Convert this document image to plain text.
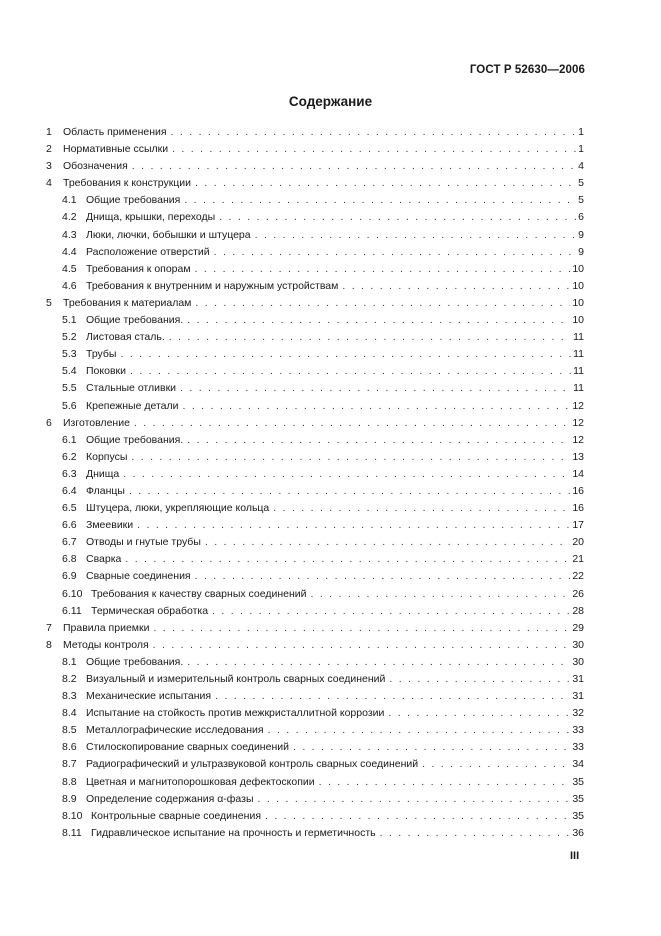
ГОСТ Р 52630—2006
Содержание
1	Область применения . . .	1
2	Нормативные ссылки . . .	1
3	Обозначения . . .	4
4	Требования к конструкции . . .	5
4.1 Общие требования . . .	5
4.2 Днища, крышки, переходы . . .	6
4.3 Люки, лючки, бобышки и штуцера . . .	9
4.4 Расположение отверстий . . .	9
4.5 Требования к опорам . . .	10
4.6 Требования к внутренним и наружным устройствам . . .	10
5	Требования к материалам . . .	10
5.1 Общие требования. . . .	10
5.2 Листовая сталь. . . .	11
5.3 Трубы . . .	11
5.4 Поковки . . .	11
5.5 Стальные отливки . . .	11
5.6 Крепежные детали . . .	12
6	Изготовление . . .	12
6.1 Общие требования. . . .	12
6.2 Корпусы . . .	13
6.3 Днища . . .	14
6.4 Фланцы . . .	16
6.5 Штуцера, люки, укрепляющие кольца . . .	16
6.6 Змеевики . . .	17
6.7 Отводы и гнутые трубы . . .	20
6.8 Сварка . . .	21
6.9 Сварные соединения . . .	22
6.10 Требования к качеству сварных соединений . . .	26
6.11 Термическая обработка . . .	28
7	Правила приемки . . .	29
8	Методы контроля . . .	30
8.1 Общие требования. . . .	30
8.2 Визуальный и измерительный контроль сварных соединений . . .	31
8.3 Механические испытания . . .	31
8.4 Испытание на стойкость против межкристаллитной коррозии . . .	32
8.5 Металлографические исследования . . .	33
8.6 Стилоскопирование сварных соединений . . .	33
8.7 Радиографический и ультразвуковой контроль сварных соединений . . .	34
8.8 Цветная и магнитопорошковая дефектоскопии . . .	35
8.9 Определение содержания α-фазы . . .	35
8.10 Контрольные сварные соединения . . .	35
8.11 Гидравлическое испытание на прочность и герметичность . . .	36
III
